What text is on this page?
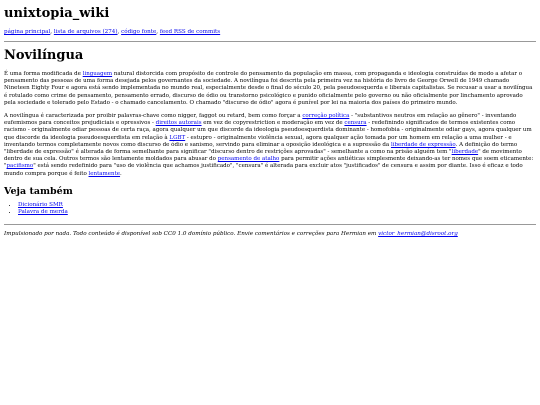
unixtopia_wiki
página principal, lista de arquivos (274), código fonte, feed RSS de commits
Novilíngua

É uma forma modificada de linguagem natural distorcida com propósito de controle do pensamento da população em massa, com propaganda e ideologia construídas de modo a afetar o pensamento das pessoas de uma forma desejada pelos governantes da sociedade. A novilíngua foi descrita pela primeira vez na história do livro de George Orwell de 1949 chamado Nineteen Eighty Four e agora está sendo implementada no mundo real, especialmente desde o final do século 20, pela pseudoesquerda e liberais capitalistas. Se recusar a usar a novilíngua é rotulado como crime de pensamento, pensamento errado, discurso de ódio ou transtorno psicológico e punido oficialmente pelo governo ou não oficialmente por linchamento aprovado pela sociedade e tolerado pelo Estado - o chamado cancelamento. O chamado "discurso de ódio" agora é punível por lei na maioria dos países do primeiro mundo.

A novilíngua é caracterizada por proibir palavras-chave como nigger, faggot ou retard, bem como forçar a correção política - "substantivos neutros em relação ao gênero" - inventando eufemismos para conceitos prejudiciais e opressivos - direitos autorais em vez de copyrestriction e moderação em vez de censura - redefinindo significados de termos existentes como racismo - originalmente odiar pessoas de certa raça, agora qualquer um que discorde da ideologia pseudoesquerdista dominante - homofobia - originalmente odiar gays, agora qualquer um que discorde da ideologia pseudoesquerdista em relação à LGBT - estupro - originalmente violência sexual, agora qualquer ação tomada por um homem em relação a uma mulher - e inventando termos completamente novos como discurso de ódio e sanismo, servindo para eliminar a oposição ideológica e a supressão da liberdade de expressão. A definição do termo "liberdade de expressão" é alterada de forma semelhante para significar "discurso dentro de restrições aprovadas" - semelhante a como na prisão alguém tem "liberdade" de movimento dentro de sua cela. Outros termos são lentamente moldados para abusar do pensamento de atalho para permitir ações antiéticas simplesmente deixando-as ter nomes que soem eticamente: "pacifismo" está sendo redefinido para "uso de violência que achamos justificado", "censura" é alterada para excluir atos "justificados" de censura e assim por diante. Isso é eficaz e todo mundo compra porque é feito lentamente.

Veja também
• Dicionário SMR
• Palavra de merda
Impulsionado por nada. Todo conteúdo é disponível sob CC0 1.0 domínio público. Envie comentários e correções para Hermian em victor_hermian@disroot.org
